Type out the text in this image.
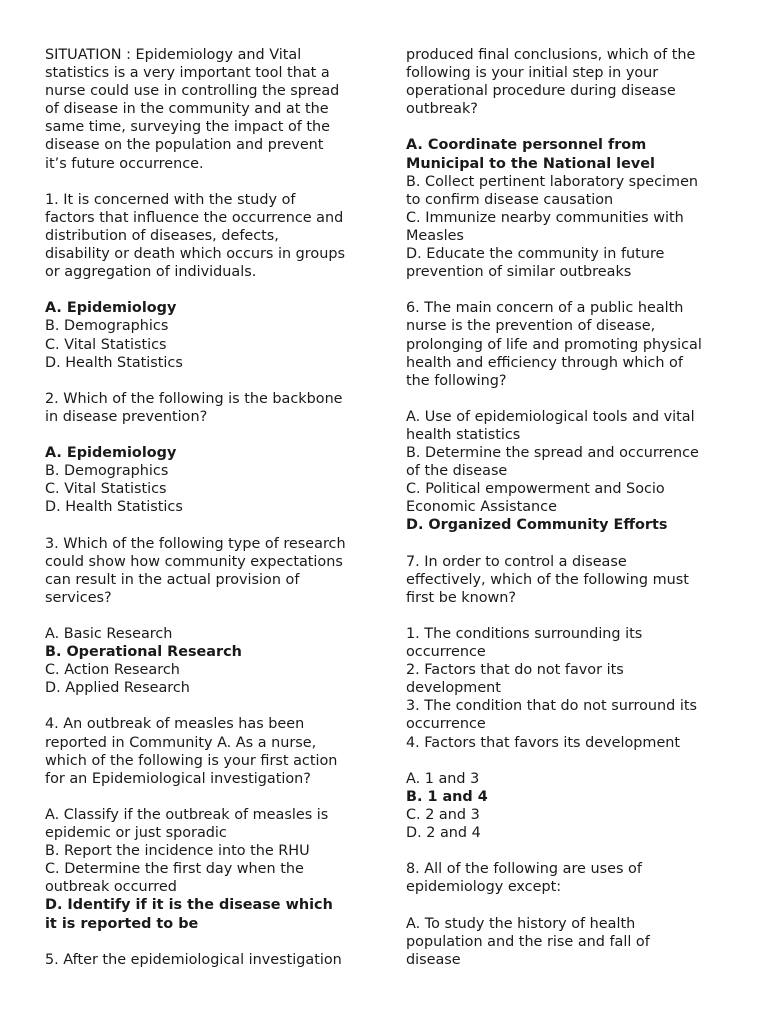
SITUATION : Epidemiology and Vital
statistics is a very important tool that a
nurse could use in controlling the spread
of disease in the community and at the
same time, surveying the impact of the
disease on the population and prevent
it’s future occurrence.
1. It is concerned with the study of
factors that influence the occurrence and
distribution of diseases, defects,
disability or death which occurs in groups
or aggregation of individuals.
A. Epidemiology
B. Demographics
C. Vital Statistics
D. Health Statistics
2. Which of the following is the backbone
in disease prevention?
A. Epidemiology
B. Demographics
C. Vital Statistics
D. Health Statistics
3. Which of the following type of research
could show how community expectations
can result in the actual provision of
services?
A. Basic Research
B. Operational Research
C. Action Research
D. Applied Research
4. An outbreak of measles has been
reported in Community A. As a nurse,
which of the following is your first action
for an Epidemiological investigation?
A. Classify if the outbreak of measles is
epidemic or just sporadic
B. Report the incidence into the RHU
C. Determine the first day when the
outbreak occurred
D. Identify if it is the disease which
it is reported to be
5. After the epidemiological investigation
produced final conclusions, which of the
following is your initial step in your
operational procedure during disease
outbreak?
A. Coordinate personnel from
Municipal to the National level
B. Collect pertinent laboratory specimen
to confirm disease causation
C. Immunize nearby communities with
Measles
D. Educate the community in future
prevention of similar outbreaks
6. The main concern of a public health
nurse is the prevention of disease,
prolonging of life and promoting physical
health and efficiency through which of
the following?
A. Use of epidemiological tools and vital
health statistics
B. Determine the spread and occurrence
of the disease
C. Political empowerment and Socio
Economic Assistance
D. Organized Community Efforts
7. In order to control a disease
effectively, which of the following must
first be known?
1. The conditions surrounding its
occurrence
2. Factors that do not favor its
development
3. The condition that do not surround its
occurrence
4. Factors that favors its development
A. 1 and 3
B. 1 and 4
C. 2 and 3
D. 2 and 4
8. All of the following are uses of
epidemiology except:
A. To study the history of health
population and the rise and fall of
disease
